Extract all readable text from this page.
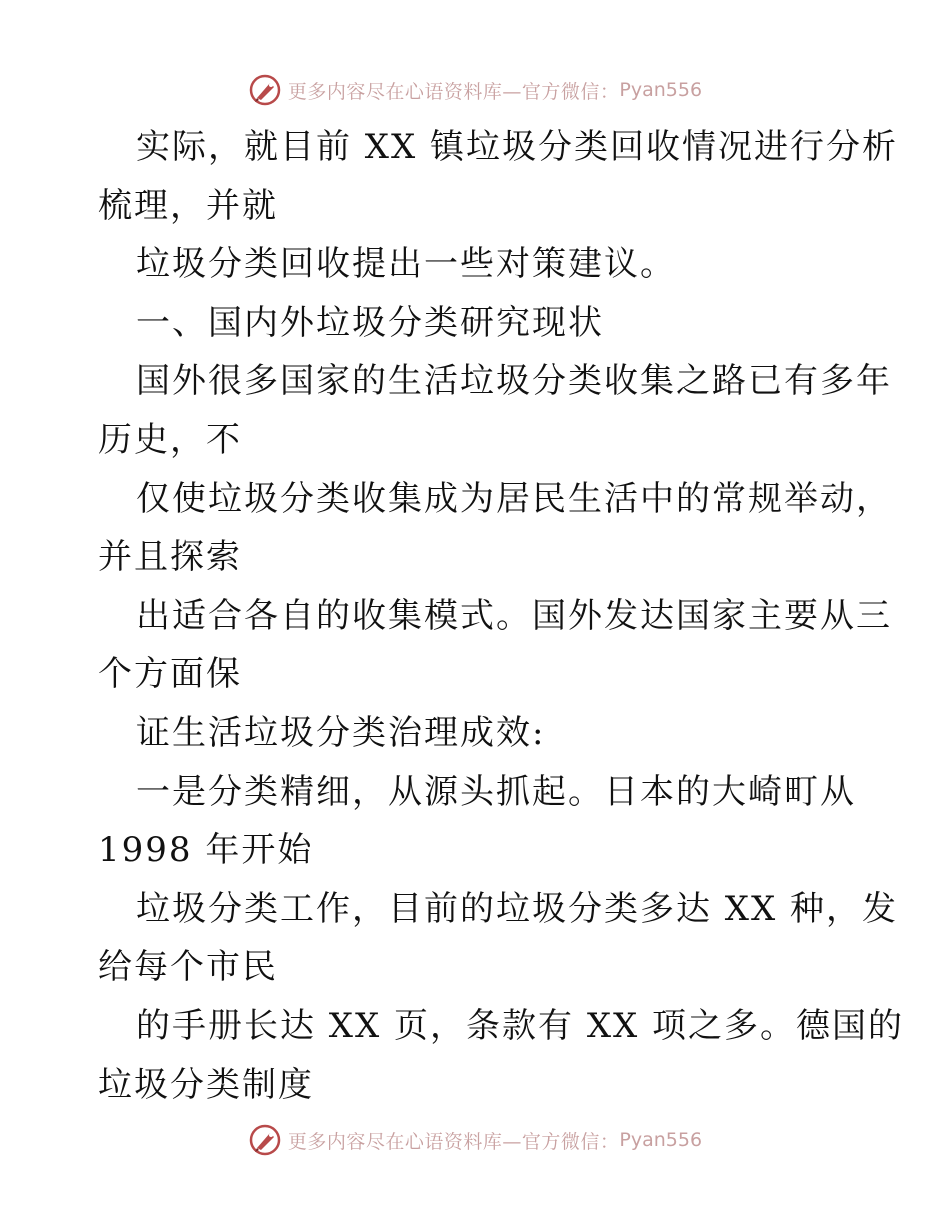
更多内容尽在心语资料库—官方微信： Pyan556
实际，就目前 XX 镇垃圾分类回收情况进行分析
梳理，并就
垃圾分类回收提出一些对策建议。
一、国内外垃圾分类研究现状
国外很多国家的生活垃圾分类收集之路已有多年
历史，不
仅使垃圾分类收集成为居民生活中的常规举动，
并且探索
出适合各自的收集模式。国外发达国家主要从三
个方面保
证生活垃圾分类治理成效:
一是分类精细，从源头抓起。日本的大崎町从
1998 年开始
垃圾分类工作，目前的垃圾分类多达 XX 种，发
给每个市民
的手册长达 XX 页，条款有 XX 项之多。德国的
垃圾分类制度
更多内容尽在心语资料库—官方微信： Pyan556
